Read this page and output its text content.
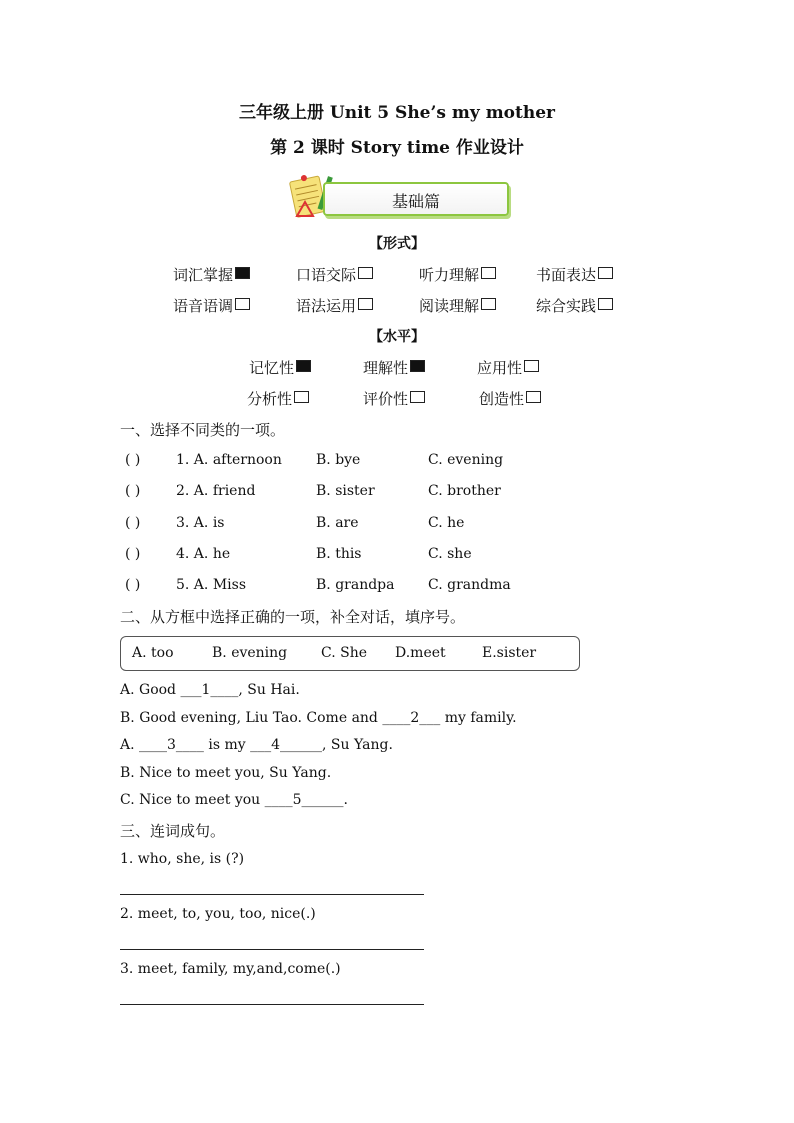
三年级上册 Unit 5 She’s my mother
第 2 课时 Story time 作业设计
基础篇
【形式】
词汇掌握	口语交际	听力理解	书面表达
语音语调	语法运用	阅读理解	综合实践
【水平】
记忆性	理解性	应用性
分析性	评价性	创造性
一、选择不同类的一项。
( )	1. A. afternoon B. bye	C. evening
( )	2. A. friend	B. sister	C. brother
( )	3. A. is	B. are	C. he
( )	4. A. he	B. this	C. she
( )	5. A. Miss	B. grandpa C. grandma
二、从方框中选择正确的一项，补全对话，填序号。
A. too	B. evening C. She D.meet	E.sister
A. Good ___1____, Su Hai.
B. Good evening, Liu Tao. Come and ____2___ my family.
A. ____3____ is my ___4______, Su Yang.
B. Nice to meet you, Su Yang.
C. Nice to meet you ____5______.
三、连词成句。
1. who, she, is (?)
2. meet, to, you, too, nice(.)
3. meet, family, my,and,come(.)
